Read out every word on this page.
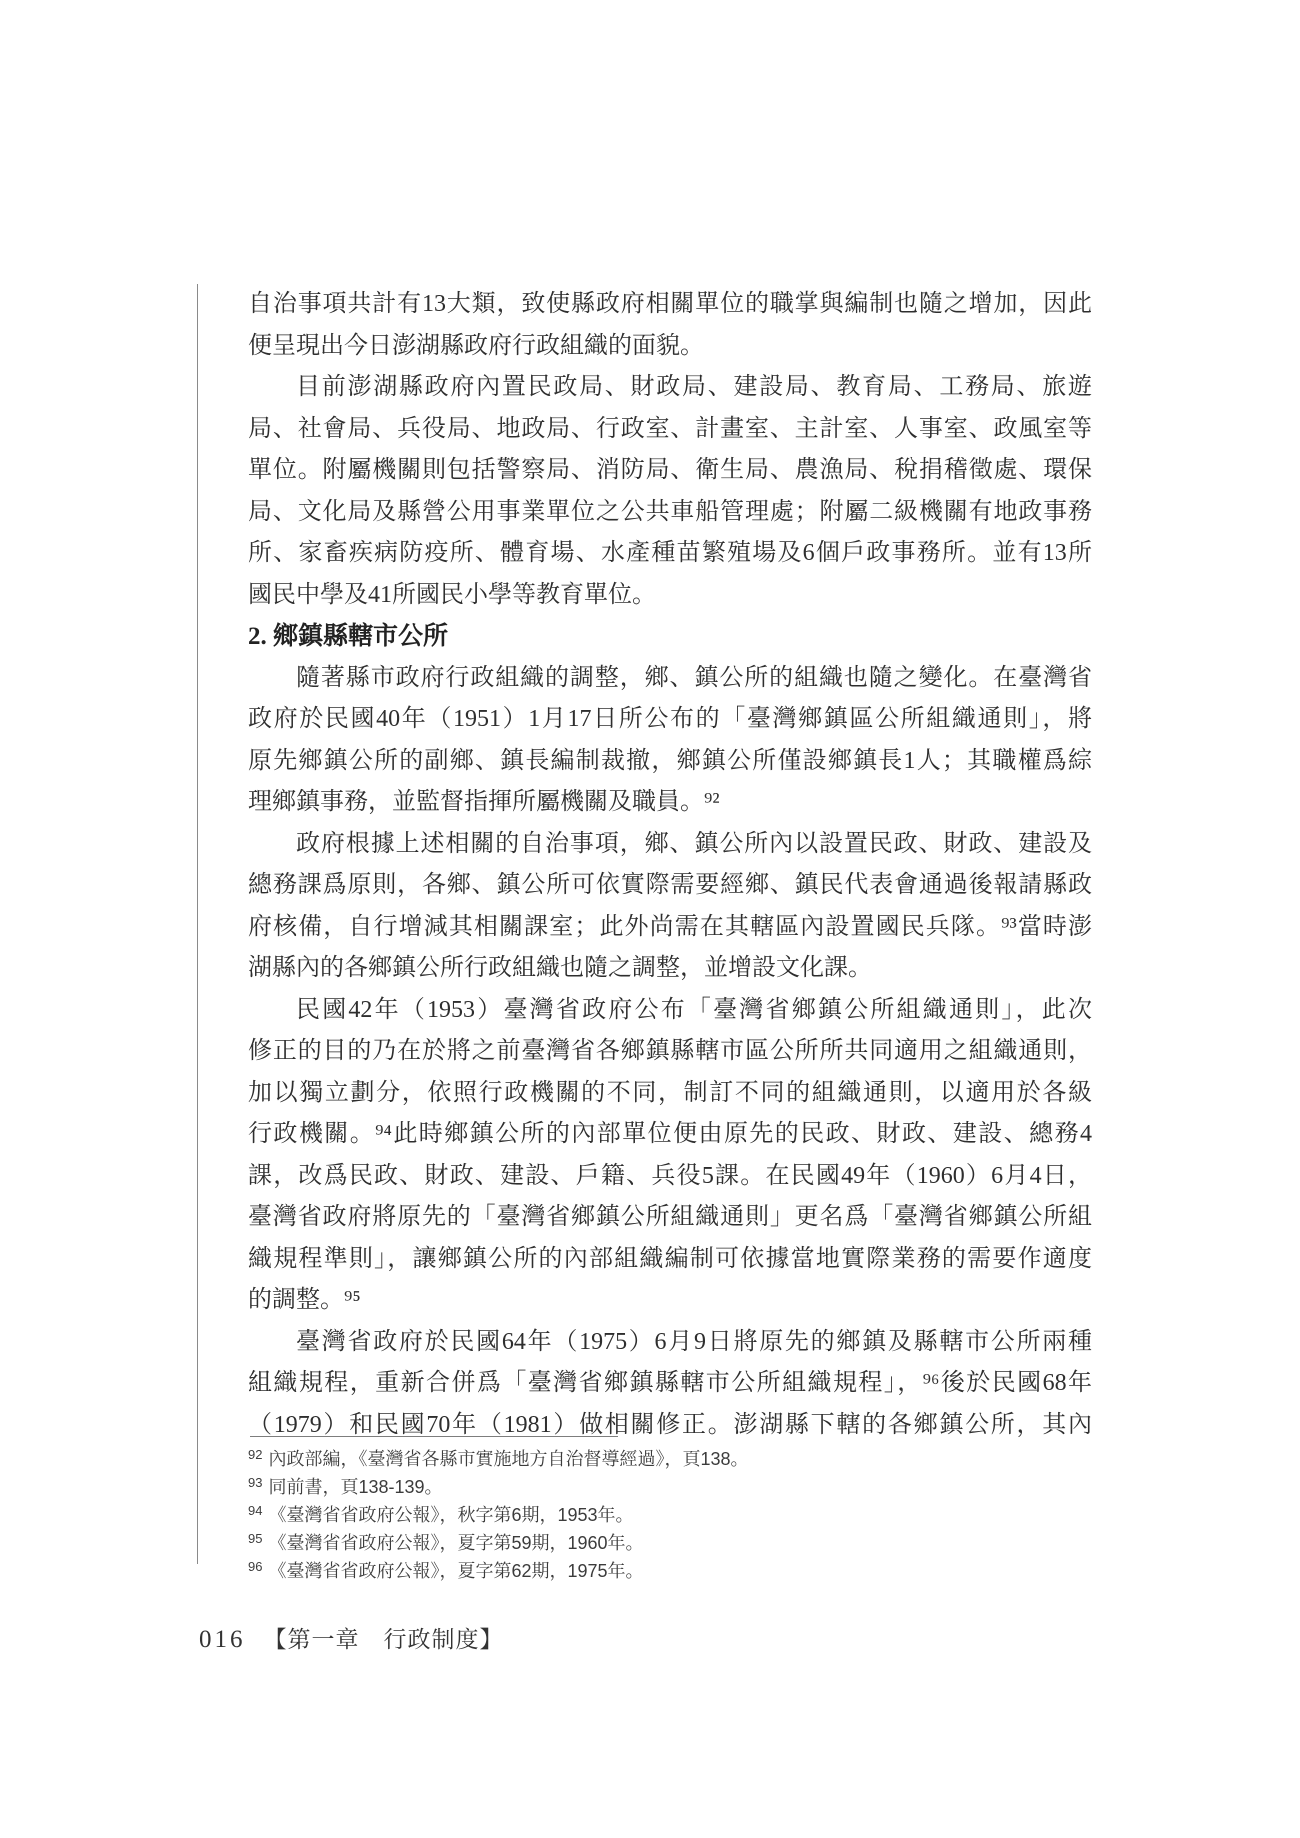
自治事項共計有13大類，致使縣政府相關單位的職掌與編制也隨之增加，因此
便呈現出今日澎湖縣政府行政組織的面貌。
目前澎湖縣政府內置民政局、財政局、建設局、教育局、工務局、旅遊
局、社會局、兵役局、地政局、行政室、計畫室、主計室、人事室、政風室等
單位。附屬機關則包括警察局、消防局、衛生局、農漁局、稅捐稽徵處、環保
局、文化局及縣營公用事業單位之公共車船管理處；附屬二級機關有地政事務
所、家畜疾病防疫所、體育場、水產種苗繁殖場及6個戶政事務所。並有13所
國民中學及41所國民小學等教育單位。
2. 鄉鎮縣轄市公所
隨著縣市政府行政組織的調整，鄉、鎮公所的組織也隨之變化。在臺灣省
政府於民國40年（1951）1月17日所公布的「臺灣鄉鎮區公所組織通則」，將
原先鄉鎮公所的副鄉、鎮長編制裁撤，鄉鎮公所僅設鄉鎮長1人；其職權爲綜
理鄉鎮事務，並監督指揮所屬機關及職員。⁹²
政府根據上述相關的自治事項，鄉、鎮公所內以設置民政、財政、建設及
總務課爲原則，各鄉、鎮公所可依實際需要經鄉、鎮民代表會通過後報請縣政
府核備，自行增減其相關課室；此外尚需在其轄區內設置國民兵隊。⁹³當時澎
湖縣內的各鄉鎮公所行政組織也隨之調整，並增設文化課。
民國42年（1953）臺灣省政府公布「臺灣省鄉鎮公所組織通則」，此次
修正的目的乃在於將之前臺灣省各鄉鎮縣轄市區公所所共同適用之組織通則，
加以獨立劃分，依照行政機關的不同，制訂不同的組織通則，以適用於各級
行政機關。⁹⁴此時鄉鎮公所的內部單位便由原先的民政、財政、建設、總務4
課，改爲民政、財政、建設、戶籍、兵役5課。在民國49年（1960）6月4日，
臺灣省政府將原先的「臺灣省鄉鎮公所組織通則」更名爲「臺灣省鄉鎮公所組
織規程準則」，讓鄉鎮公所的內部組織編制可依據當地實際業務的需要作適度
的調整。⁹⁵
臺灣省政府於民國64年（1975）6月9日將原先的鄉鎮及縣轄市公所兩種
組織規程，重新合併爲「臺灣省鄉鎮縣轄市公所組織規程」，⁹⁶後於民國68年
（1979）和民國70年（1981）做相關修正。澎湖縣下轄的各鄉鎮公所，其內
$^{92}$ 內政部編，《臺灣省各縣市實施地方自治督導經過》，頁138。
$^{93}$ 同前書，頁138-139。
$^{94}$ 《臺灣省省政府公報》，秋字第6期，1953年。
$^{95}$ 《臺灣省省政府公報》，夏字第59期，1960年。
$^{96}$ 《臺灣省省政府公報》，夏字第62期，1975年。
016 【第一章　行政制度】
